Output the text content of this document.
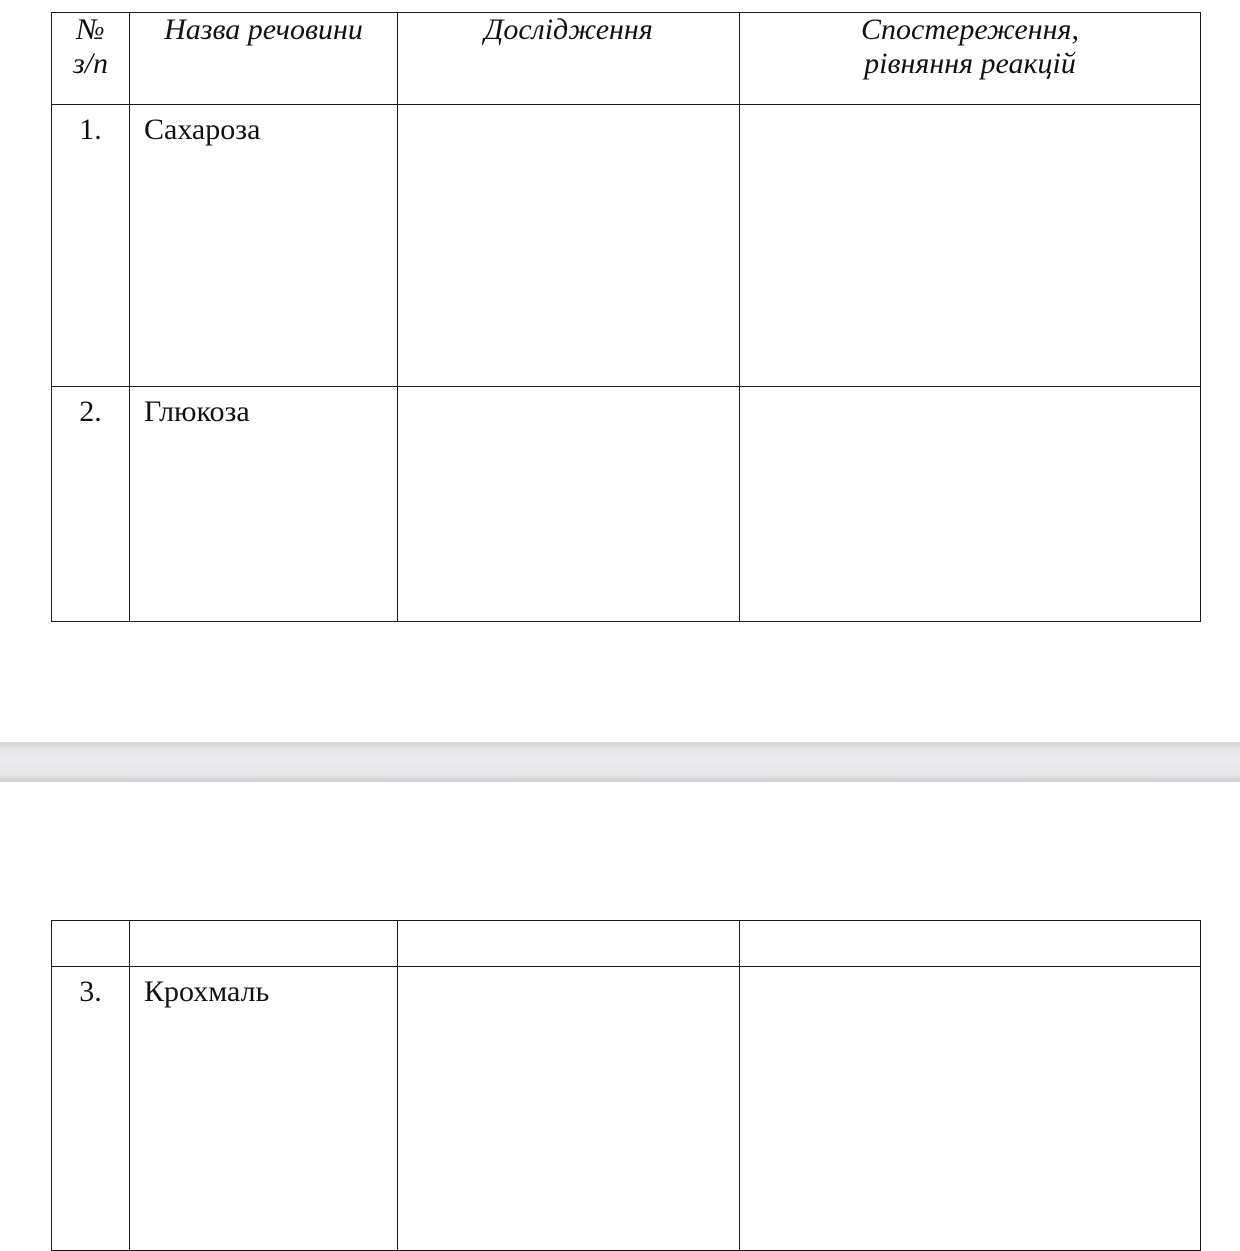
№
з/п	Назва речовини	Дослідження	Спостереження,
рівняння реакцій
1.	Сахароза		
2.	Глюкоза		

3.	Крохмаль		
